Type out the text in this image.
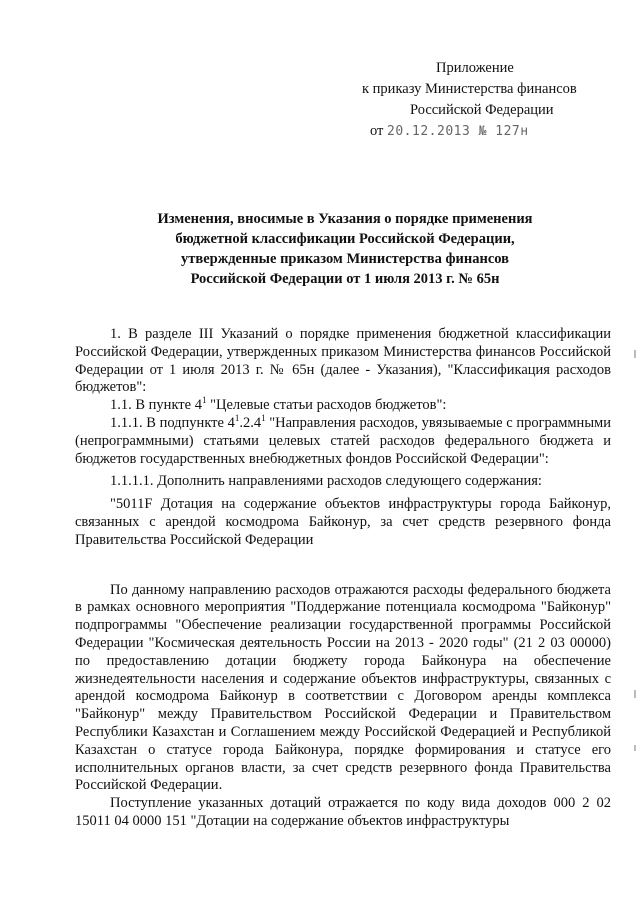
Приложение
к приказу Министерства финансов
Российской Федерации
от 20.12.2013 № 127н
Изменения, вносимые в Указания о порядке применения
бюджетной классификации Российской Федерации,
утвержденные приказом Министерства финансов
Российской Федерации от 1 июля 2013 г. № 65н

1. В разделе III Указаний о порядке применения бюджетной классификации Российской Федерации, утвержденных приказом Министерства финансов Российской Федерации от 1 июля 2013 г. № 65н (далее - Указания), "Классификация расходов бюджетов":

1.1. В пункте $4^1$ "Целевые статьи расходов бюджетов":

1.1.1. В подпункте $4^1.2.4^1$ "Направления расходов, увязываемые с программными (непрограммными) статьями целевых статей расходов федерального бюджета и бюджетов государственных внебюджетных фондов Российской Федерации":

1.1.1.1. Дополнить направлениями расходов следующего содержания:

"5011F Дотация на содержание объектов инфраструктуры города Байконур, связанных с арендой космодрома Байконур, за счет средств резервного фонда Правительства Российской Федерации

По данному направлению расходов отражаются расходы федерального бюджета в рамках основного мероприятия "Поддержание потенциала космодрома "Байконур" подпрограммы "Обеспечение реализации государственной программы Российской Федерации "Космическая деятельность России на 2013 - 2020 годы" (21 2 03 00000) по предоставлению дотации бюджету города Байконура на обеспечение жизнедеятельности населения и содержание объектов инфраструктуры, связанных с арендой космодрома Байконур в соответствии с Договором аренды комплекса "Байконур" между Правительством Российской Федерации и Правительством Республики Казахстан и Соглашением между Российской Федерацией и Республикой Казахстан о статусе города Байконура, порядке формирования и статусе его исполнительных органов власти, за счет средств резервного фонда Правительства Российской Федерации.

Поступление указанных дотаций отражается по коду вида доходов 000 2 02 15011 04 0000 151 "Дотации на содержание объектов инфраструктуры
